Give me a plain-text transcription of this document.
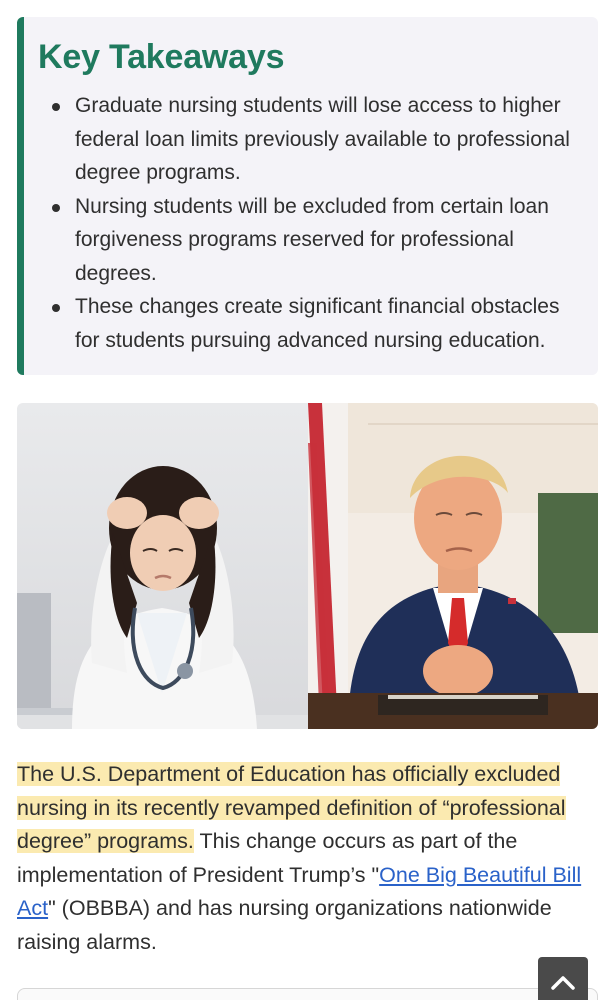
Key Takeaways
Graduate nursing students will lose access to higher federal loan limits previously available to professional degree programs.
Nursing students will be excluded from certain loan forgiveness programs reserved for professional degrees.
These changes create significant financial obstacles for students pursuing advanced nursing education.

The U.S. Department of Education has officially excluded nursing in its recently revamped definition of “professional degree” programs. This change occurs as part of the implementation of President Trump’s "One Big Beautiful Bill Act" (OBBBA) and has nursing organizations nationwide raising alarms.
